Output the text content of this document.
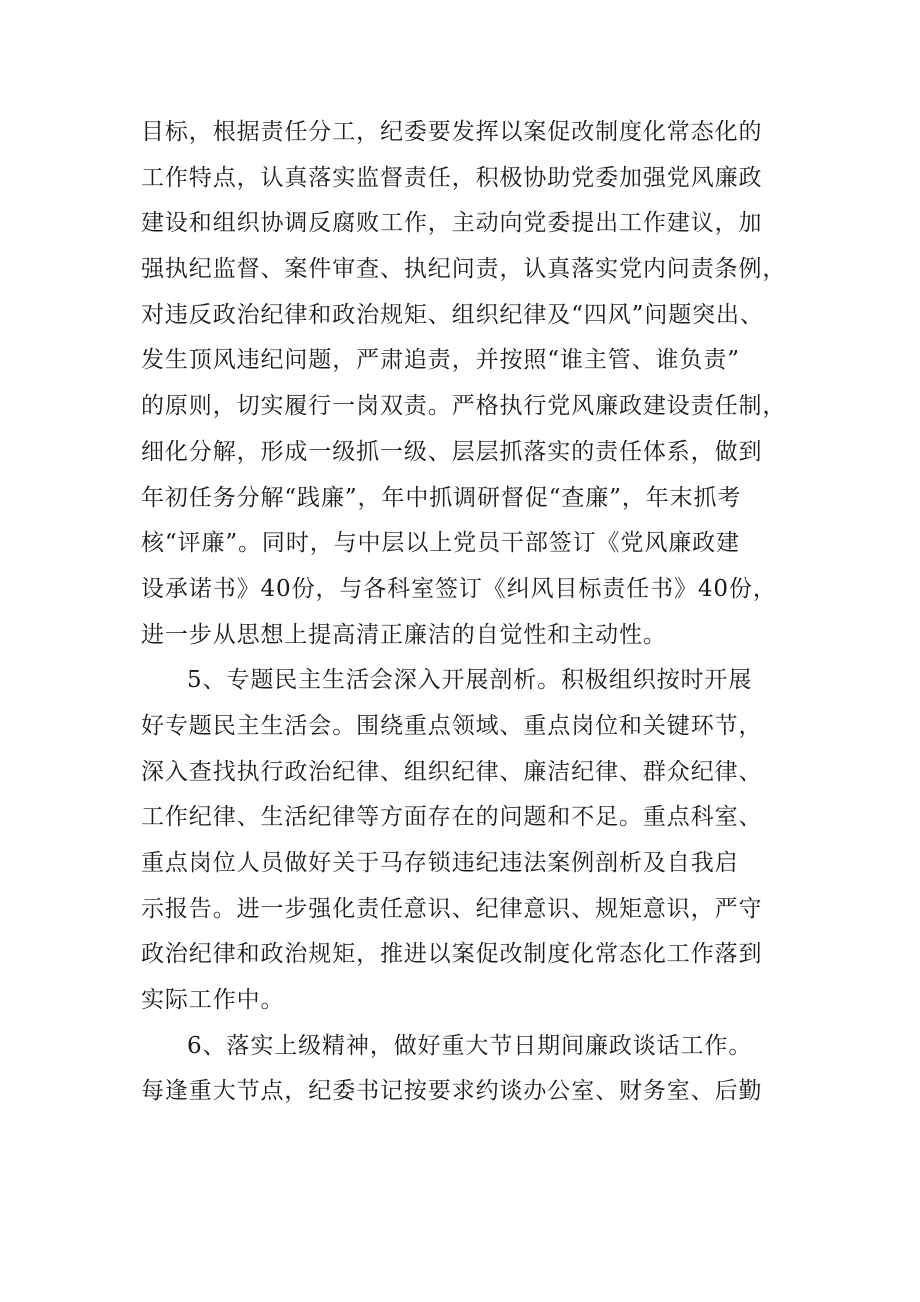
目标，根据责任分工，纪委要发挥以案促改制度化常态化的
工作特点，认真落实监督责任，积极协助党委加强党风廉政
建设和组织协调反腐败工作，主动向党委提出工作建议，加
强执纪监督、案件审查、执纪问责，认真落实党内问责条例，
对违反政治纪律和政治规矩、组织纪律及“四风”问题突出、
发生顶风违纪问题，严肃追责，并按照“谁主管、谁负责”
的原则，切实履行一岗双责。严格执行党风廉政建设责任制，
细化分解，形成一级抓一级、层层抓落实的责任体系，做到
年初任务分解“践廉”，年中抓调研督促“查廉”，年末抓考
核“评廉”。同时，与中层以上党员干部签订《党风廉政建
设承诺书》40份，与各科室签订《纠风目标责任书》40份，
进一步从思想上提高清正廉洁的自觉性和主动性。
5、专题民主生活会深入开展剖析。积极组织按时开展
好专题民主生活会。围绕重点领域、重点岗位和关键环节，
深入查找执行政治纪律、组织纪律、廉洁纪律、群众纪律、
工作纪律、生活纪律等方面存在的问题和不足。重点科室、
重点岗位人员做好关于马存锁违纪违法案例剖析及自我启
示报告。进一步强化责任意识、纪律意识、规矩意识，严守
政治纪律和政治规矩，推进以案促改制度化常态化工作落到
实际工作中。
6、落实上级精神，做好重大节日期间廉政谈话工作。
每逢重大节点，纪委书记按要求约谈办公室、财务室、后勤
